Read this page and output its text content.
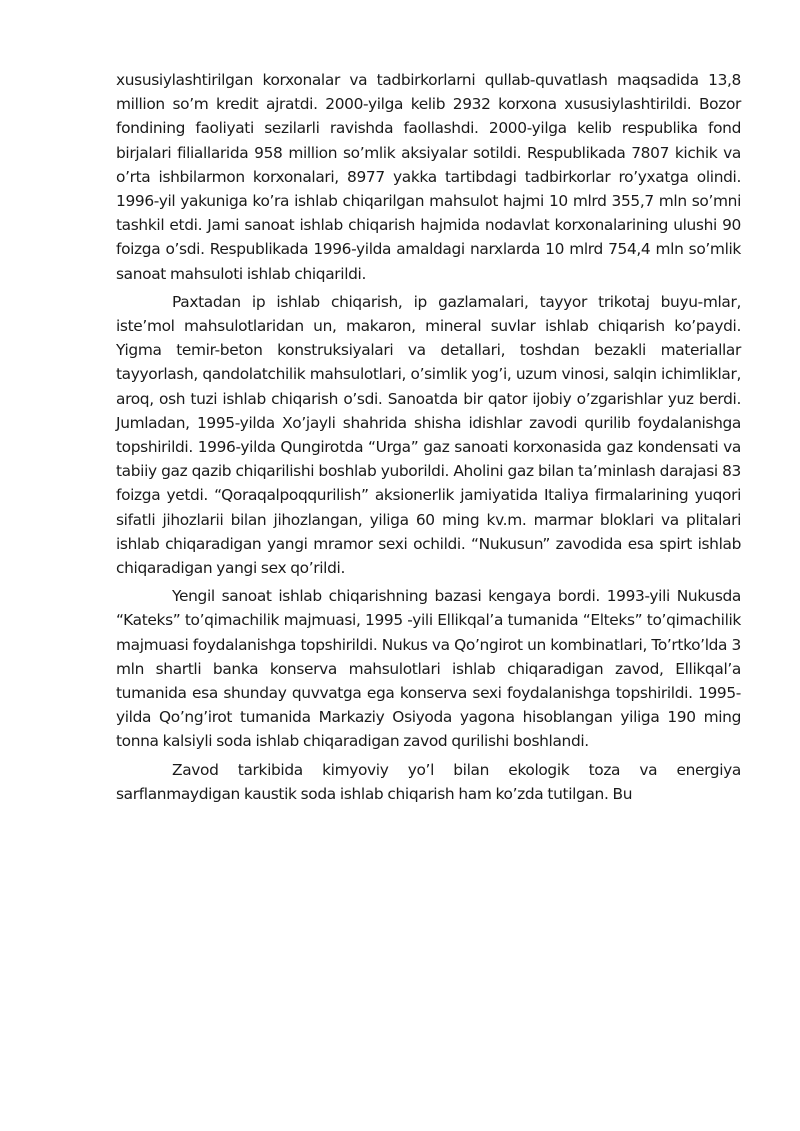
xususiylashtirilgan korxonalar va tadbirkorlarni qullab-quvatlash maqsadida 13,8 million so’m kredit ajratdi. 2000-yilga kelib 2932 korxona xususiylashtirildi. Bozor fondining faoliyati sezilarli ravishda faollashdi. 2000-yilga kelib respublika fond birjalari filiallarida 958 million so’mlik aksiyalar sotildi. Respublikada 7807 kichik va o’rta ishbilarmon korxonalari, 8977 yakka tartibdagi tadbirkorlar ro’yxatga olindi. 1996-yil yakuniga ko’ra ishlab chiqarilgan mahsulot hajmi 10 mlrd 355,7 mln so’mni tashkil etdi. Jami sanoat ishlab chiqarish hajmida nodavlat korxonalarining ulushi 90 foizga o’sdi. Respublikada 1996-yilda amaldagi narxlarda 10 mlrd 754,4 mln so’mlik sanoat mahsuloti ishlab chiqarildi.

Paxtadan ip ishlab chiqarish, ip gazlamalari, tayyor trikotaj buyu-mlar, iste’mol mahsulotlaridan un, makaron, mineral suvlar ishlab chiqarish ko’paydi. Yigma temir-beton konstruksiyalari va detallari, toshdan bezakli materiallar tayyorlash, qandolatchilik mahsulotlari, o’simlik yog’i, uzum vinosi, salqin ichimliklar, aroq, osh tuzi ishlab chiqarish o’sdi. Sanoatda bir qator ijobiy o’zgarishlar yuz berdi. Jumladan, 1995-yilda Xo’jayli shahrida shisha idishlar zavodi qurilib foydalanishga topshirildi. 1996-yilda Qungirotda “Urga” gaz sanoati korxonasida gaz kondensati va tabiiy gaz qazib chiqarilishi boshlab yuborildi. Aholini gaz bilan ta’minlash darajasi 83 foizga yetdi. “Qoraqalpoqqurilish” aksionerlik jamiyatida Italiya firmalarining yuqori sifatli jihozlarii bilan jihozlangan, yiliga 60 ming kv.m. marmar bloklari va plitalari ishlab chiqaradigan yangi mramor sexi ochildi. “Nukusun” zavodida esa spirt ishlab chiqaradigan yangi sex qo’rildi.

Yengil sanoat ishlab chiqarishning bazasi kengaya bordi. 1993-yili Nukusda “Kateks” to’qimachilik majmuasi, 1995 -yili Ellikqal’a tumanida “Elteks” to’qimachilik majmuasi foydalanishga topshirildi. Nukus va Qo’ngirot un kombinatlari, To’rtko’lda 3 mln shartli banka konserva mahsulotlari ishlab chiqaradigan zavod, Ellikqal’a tumanida esa shunday quvvatga ega konserva sexi foydalanishga topshirildi. 1995-yilda Qo’ng’irot tumanida Markaziy Osiyoda yagona hisoblangan yiliga 190 ming tonna kalsiyli soda ishlab chiqaradigan zavod qurilishi boshlandi.

Zavod tarkibida kimyoviy yo’l bilan ekologik toza va energiya sarflanmaydigan kaustik soda ishlab chiqarish ham ko’zda tutilgan. Bu
